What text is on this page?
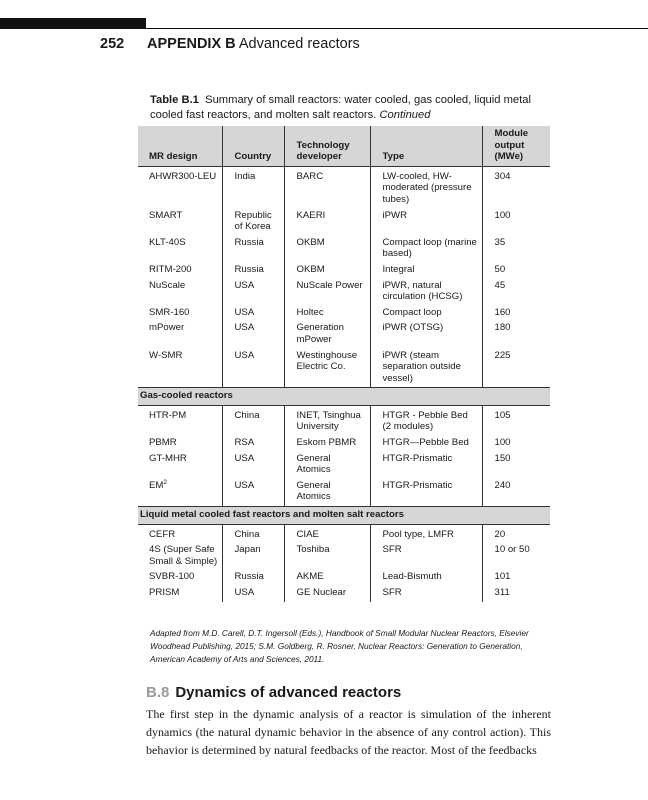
252 APPENDIX B Advanced reactors
Table B.1 Summary of small reactors: water cooled, gas cooled, liquid metal cooled fast reactors, and molten salt reactors. Continued
MR design	Country	Technology developer	Type	Module output (MWe)
AHWR300-LEU	India	BARC	LW-cooled, HW-moderated (pressure tubes)	304
SMART	Republic of Korea	KAERI	iPWR	100
KLT-40S	Russia	OKBM	Compact loop (marine based)	35
RITM-200	Russia	OKBM	Integral	50
NuScale	USA	NuScale Power	iPWR, natural circulation (HCSG)	45
SMR-160	USA	Holtec	Compact loop	160
mPower	USA	Generation mPower	iPWR (OTSG)	180
W-SMR	USA	Westinghouse Electric Co.	iPWR (steam separation outside vessel)	225
Gas-cooled reactors				
HTR-PM	China	INET, Tsinghua University	HTGR - Pebble Bed (2 modules)	105
PBMR	RSA	Eskom PBMR	HTGR—Pebble Bed	100
GT-MHR	USA	General Atomics	HTGR-Prismatic	150
$EM^2$	USA	General Atomics	HTGR-Prismatic	240
Liquid metal cooled fast reactors and molten salt reactors				
CEFR	China	CIAE	Pool type, LMFR	20
4S (Super Safe Small & Simple)	Japan	Toshiba	SFR	10 or 50
SVBR-100	Russia	AKME	Lead-Bismuth	101
PRISM	USA	GE Nuclear	SFR	311
Adapted from M.D. Carell, D.T. Ingersoll (Eds.), Handbook of Small Modular Nuclear Reactors, Elsevier Woodhead Publishing, 2015; S.M. Goldberg, R. Rosner, Nuclear Reactors: Generation to Generation, American Academy of Arts and Sciences, 2011.
B.8 Dynamics of advanced reactors
The first step in the dynamic analysis of a reactor is simulation of the inherent dynamics (the natural dynamic behavior in the absence of any control action). This behavior is determined by natural feedbacks of the reactor. Most of the feedbacks
